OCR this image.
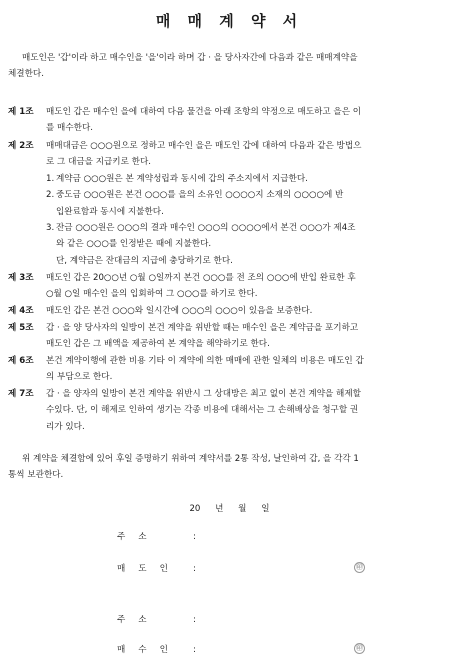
매 매 계 약 서
매도인은 '갑'이라 하고 매수인을 '을'이라 하며 갑 · 을 당사자간에 다음과 같은 매매계약을
체결한다.
제 1조	매도인 갑은 매수인 을에 대하여 다음 물건을 아래 조항의 약정으로 매도하고 을은 이
를 매수한다.
제 2조	매매대금은 ○○○원으로 정하고 매수인 을은 매도인 갑에 대하여 다음과 같은 방법으
로 그 대금을 지급키로 한다.
1. 계약금 ○○○원은 본 계약성립과 동시에 갑의 주소지에서 지급한다.
2. 중도금 ○○○원은 본건 ○○○를 을의 소유인 ○○○○지 소재의 ○○○○에 반
입완료함과 동시에 지불한다.
3. 잔금 ○○○원은 ○○○의 결과 매수인 ○○○의 ○○○○에서 본건 ○○○가 제4조
와 같은 ○○○를 인정받은 때에 지불한다.
단, 계약금은 잔대금의 지급에 충당하기로 한다.
제 3조	매도인 갑은 20○○년 ○월 ○일까지 본건 ○○○를 전 조의 ○○○에 반입 완료한 후
○월 ○일 매수인 을의 입회하여 그 ○○○를 하기로 한다.
제 4조	매도인 갑은 본건 ○○○와 일시간에 ○○○의 ○○○이 있음을 보증한다.
제 5조	갑 · 을 양 당사자의 일방이 본건 계약을 위반할 때는 매수인 을은 계약금을 포기하고
매도인 갑은 그 배액을 제공하여 본 계약을 해약하기로 한다.
제 6조	본건 계약이행에 관한 비용 기타 이 계약에 의한 매매에 관한 일체의 비용은 매도인 갑
의 부담으로 한다.
제 7조	갑 · 을 양자의 일방이 본건 계약을 위반시 그 상대방은 최고 없이 본건 계약을 해제할
수있다. 단, 이 해제로 인하여 생기는 각종 비용에 대해서는 그 손해배상을 청구할 권
리가 있다.
위 계약을 체결함에 있어 후일 증명하기 위하여 계약서를 2통 작성, 날인하여 갑, 을 각각 1
통씩 보관한다.
20 년 월 일
주소	:
매도인 :	㊞
주소	:
매수인 :	㊞
